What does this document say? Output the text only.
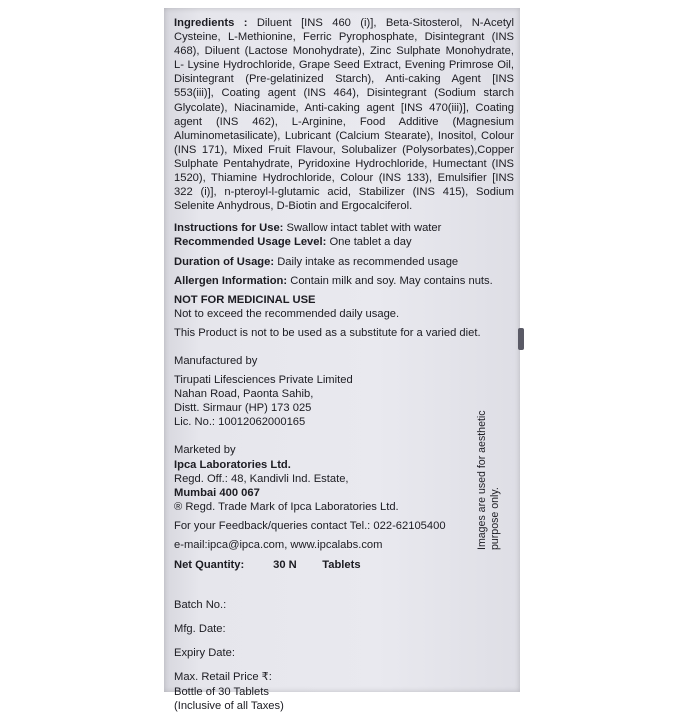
Ingredients : Diluent [INS 460 (i)], Beta-Sitosterol, N-Acetyl Cysteine, L-Methionine, Ferric Pyrophosphate, Disintegrant (INS 468), Diluent (Lactose Monohydrate), Zinc Sulphate Monohydrate, L- Lysine Hydrochloride, Grape Seed Extract, Evening Primrose Oil, Disintegrant (Pre-gelatinized Starch), Anti-caking Agent [INS 553(iii)], Coating agent (INS 464), Disintegrant (Sodium starch Glycolate), Niacinamide, Anti-caking agent [INS 470(iii)], Coating agent (INS 462), L-Arginine, Food Additive (Magnesium Aluminometasilicate), Lubricant (Calcium Stearate), Inositol, Colour (INS 171), Mixed Fruit Flavour, Solubalizer (Polysorbates),Copper Sulphate Pentahydrate, Pyridoxine Hydrochloride, Humectant (INS 1520), Thiamine Hydrochloride, Colour (INS 133), Emulsifier [INS 322 (i)], n-pteroyl-l-glutamic acid, Stabilizer (INS 415), Sodium Selenite Anhydrous, D-Biotin and Ergocalciferol.

Instructions for Use: Swallow intact tablet with water

Recommended Usage Level: One tablet a day

Duration of Usage: Daily intake as recommended usage

Allergen Information: Contain milk and soy. May contains nuts.

NOT FOR MEDICINAL USE

Not to exceed the recommended daily usage.

This Product is not to be used as a substitute for a varied diet.

Manufactured by

Tirupati Lifesciences Private Limited

Nahan Road, Paonta Sahib,

Distt. Sirmaur (HP) 173 025

Lic. No.: 10012062000165

Marketed by

Ipca Laboratories Ltd.

Regd. Off.: 48, Kandivli Ind. Estate,

Mumbai 400 067

® Regd. Trade Mark of Ipca Laboratories Ltd.

For your Feedback/queries contact Tel.: 022-62105400

e-mail:ipca@ipca.com, www.ipcalabs.com

Net Quantity:	30 N Tablets

Batch No.:

Mfg. Date:

Expiry Date:

Max. Retail Price ₹:

Bottle of 30 Tablets

(Inclusive of all Taxes)

Images are used for aesthetic purpose only.
